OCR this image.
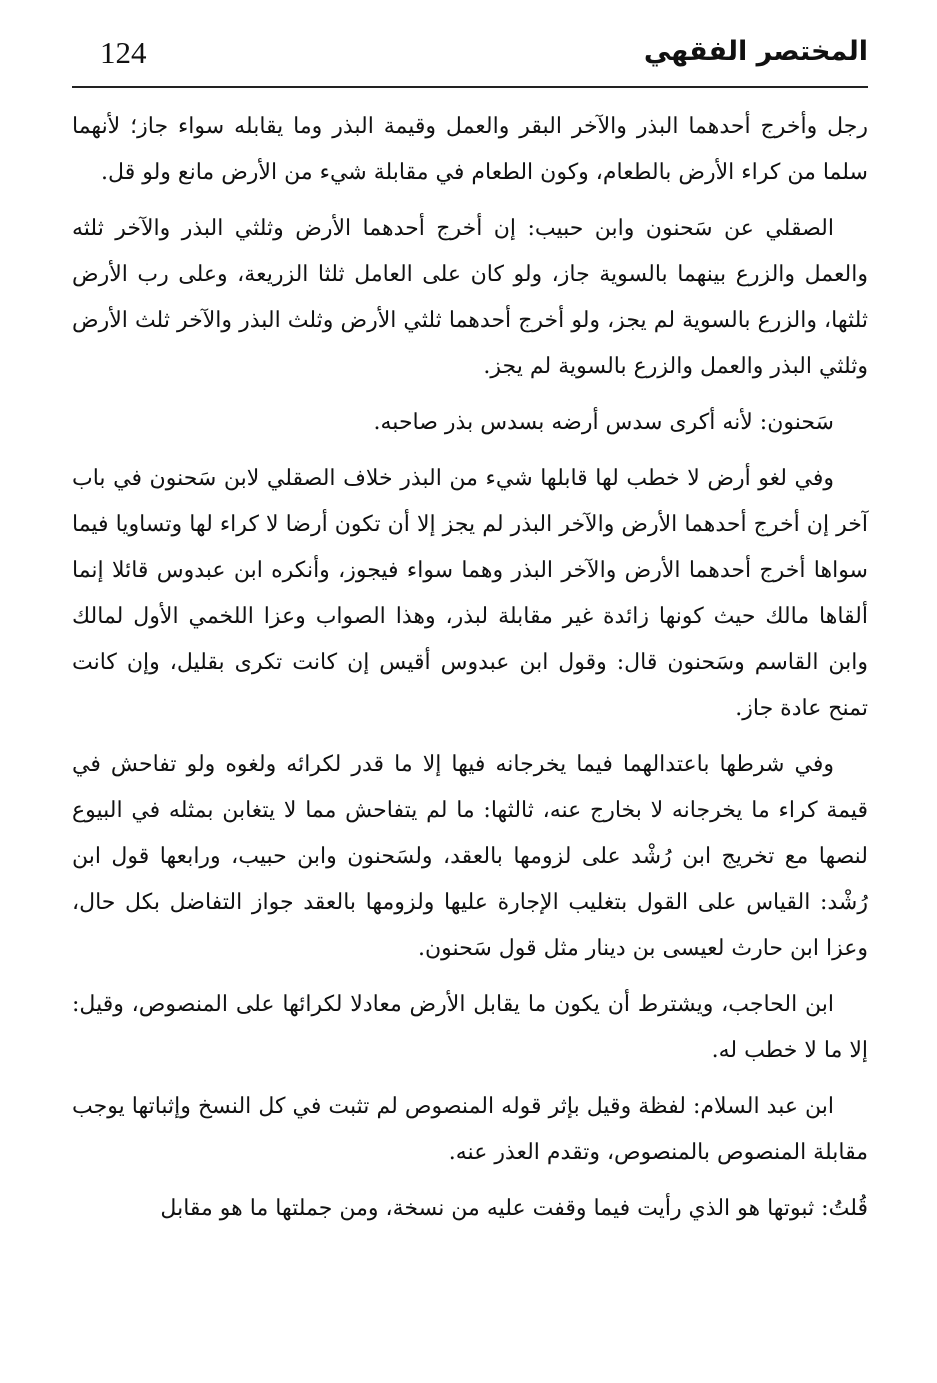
124	المختصر الفقهي

رجل وأخرج أحدهما البذر والآخر البقر والعمل وقيمة البذر وما يقابله سواء جاز؛ لأنهما سلما من كراء الأرض بالطعام، وكون الطعام في مقابلة شيء من الأرض مانع ولو قل.

الصقلي عن سَحنون وابن حبيب: إن أخرج أحدهما الأرض وثلثي البذر والآخر ثلثه والعمل والزرع بينهما بالسوية جاز، ولو كان على العامل ثلثا الزريعة، وعلى رب الأرض ثلثها، والزرع بالسوية لم يجز، ولو أخرج أحدهما ثلثي الأرض وثلث البذر والآخر ثلث الأرض وثلثي البذر والعمل والزرع بالسوية لم يجز.

سَحنون: لأنه أكرى سدس أرضه بسدس بذر صاحبه.

وفي لغو أرض لا خطب لها قابلها شيء من البذر خلاف الصقلي لابن سَحنون في باب آخر إن أخرج أحدهما الأرض والآخر البذر لم يجز إلا أن تكون أرضا لا كراء لها وتساويا فيما سواها أخرج أحدهما الأرض والآخر البذر وهما سواء فيجوز، وأنكره ابن عبدوس قائلا إنما ألقاها مالك حيث كونها زائدة غير مقابلة لبذر، وهذا الصواب وعزا اللخمي الأول لمالك وابن القاسم وسَحنون قال: وقول ابن عبدوس أقيس إن كانت تكرى بقليل، وإن كانت تمنح عادة جاز.

وفي شرطها باعتدالهما فيما يخرجانه فيها إلا ما قدر لكرائه ولغوه ولو تفاحش في قيمة كراء ما يخرجانه لا بخارج عنه، ثالثها: ما لم يتفاحش مما لا يتغابن بمثله في البيوع لنصها مع تخريج ابن رُشْد على لزومها بالعقد، ولسَحنون وابن حبيب، ورابعها قول ابن رُشْد: القياس على القول بتغليب الإجارة عليها ولزومها بالعقد جواز التفاضل بكل حال، وعزا ابن حارث لعيسى بن دينار مثل قول سَحنون.

ابن الحاجب، ويشترط أن يكون ما يقابل الأرض معادلا لكرائها على المنصوص، وقيل: إلا ما لا خطب له.

ابن عبد السلام: لفظة وقيل بإثر قوله المنصوص لم تثبت في كل النسخ وإثباتها يوجب مقابلة المنصوص بالمنصوص، وتقدم العذر عنه.

قُلتُ: ثبوتها هو الذي رأيت فيما وقفت عليه من نسخة، ومن جملتها ما هو مقابل
